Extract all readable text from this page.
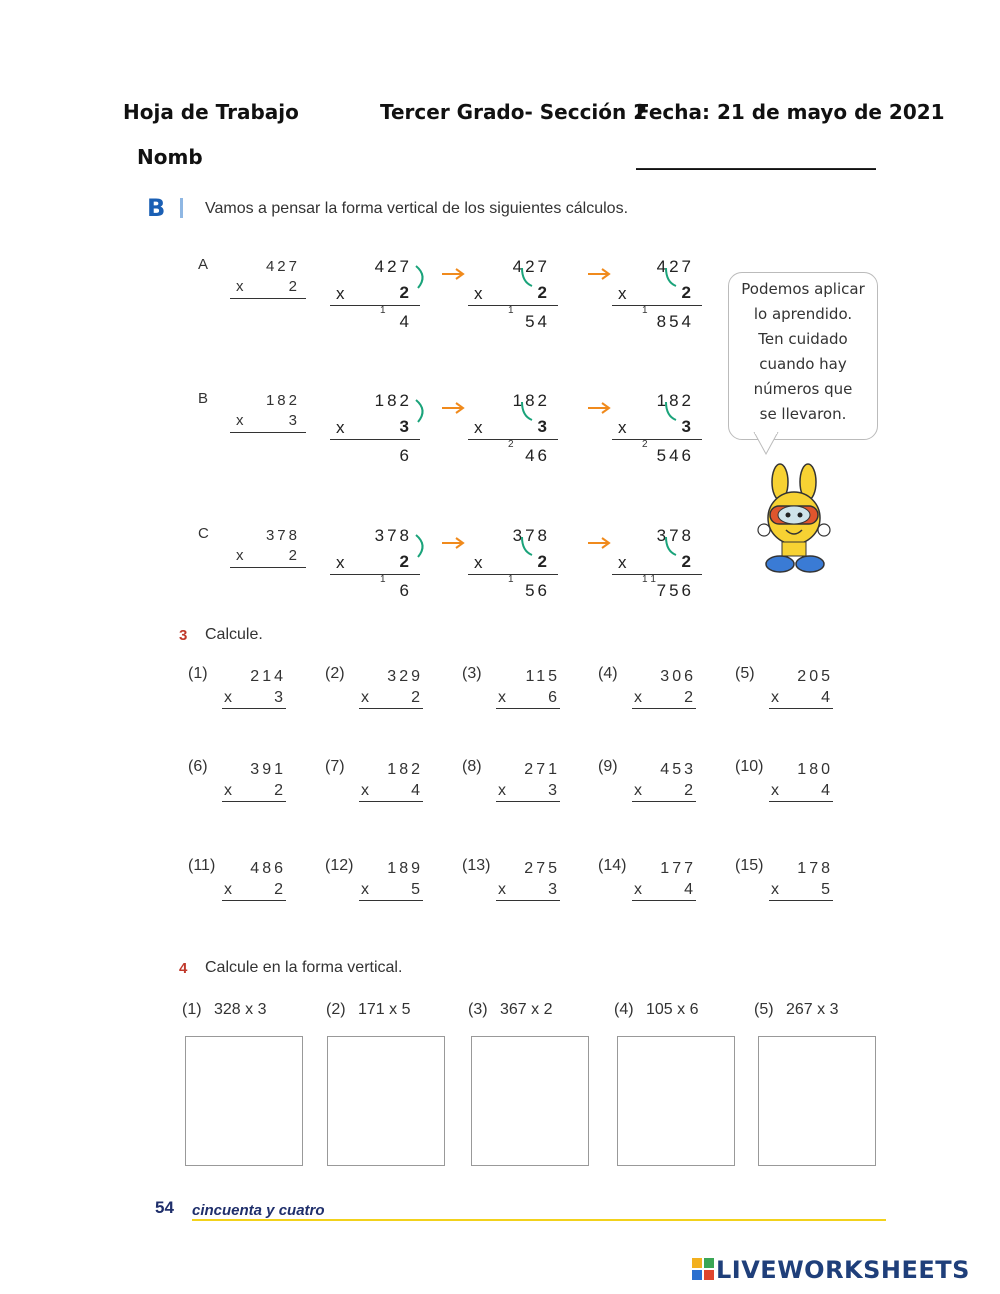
Hoja de Trabajo	Tercer Grado- Sección 2
Fecha: 21 de mayo de 2021
Nomb	________________________
B Vamos a pensar la forma vertical de los siguientes cálculos.
A	427
x	2
427
x	2
1
4
427
x	2
1
54
427
x	2
1
854
B	182
x	3
182
x	3
6
182
x	3
2
46
182
x	3
2
546
C	378
x	2
378
x	2
1
6
378
x	2
1
56
378
x	2
1 1
756
Podemos aplicar
lo aprendido.
Ten cuidado
cuando hay
números que
se llevaron.
3 Calcule.
(1)	214
x	3
(2)	329
x	2
(3)	115
x	6
(4)	306
x	2
(5)	205
x	4
(6)	391
x	2
(7)	182
x	4
(8)	271
x	3
(9)	453
x	2
(10)	180
x	4
(11)	486
x	2
(12)	189
x	5
(13)	275
x	3
(14)	177
x	4
(15)	178
x	5
4 Calcule en la forma vertical.
(1) 328 x 3	(2) 171 x 5	(3) 367 x 2	(4) 105 x 6	(5) 267 x 3
54 cincuenta y cuatro
LIVEWORKSHEETS
